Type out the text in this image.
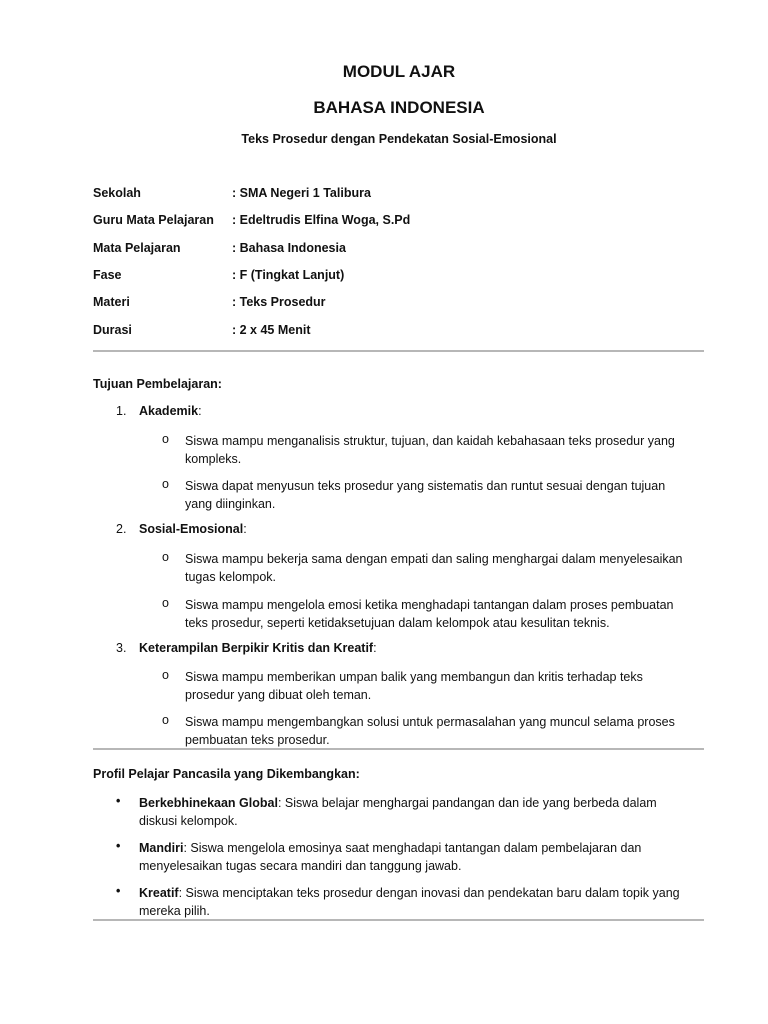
MODUL AJAR
BAHASA INDONESIA
Teks Prosedur dengan Pendekatan Sosial-Emosional
Sekolah	: SMA Negeri 1 Talibura
Guru Mata Pelajaran : Edeltrudis Elfina Woga, S.Pd
Mata Pelajaran	: Bahasa Indonesia
Fase	: F (Tingkat Lanjut)
Materi	: Teks Prosedur
Durasi	: 2 x 45 Menit
Tujuan Pembelajaran:
1. Akademik:
o Siswa mampu menganalisis struktur, tujuan, dan kaidah kebahasaan teks prosedur yang kompleks.
o Siswa dapat menyusun teks prosedur yang sistematis dan runtut sesuai dengan tujuan yang diinginkan.
2. Sosial-Emosional:
o Siswa mampu bekerja sama dengan empati dan saling menghargai dalam menyelesaikan tugas kelompok.
o Siswa mampu mengelola emosi ketika menghadapi tantangan dalam proses pembuatan teks prosedur, seperti ketidaksetujuan dalam kelompok atau kesulitan teknis.
3. Keterampilan Berpikir Kritis dan Kreatif:
o Siswa mampu memberikan umpan balik yang membangun dan kritis terhadap teks prosedur yang dibuat oleh teman.
o Siswa mampu mengembangkan solusi untuk permasalahan yang muncul selama proses pembuatan teks prosedur.
Profil Pelajar Pancasila yang Dikembangkan:
• Berkebhinekaan Global: Siswa belajar menghargai pandangan dan ide yang berbeda dalam diskusi kelompok.
• Mandiri: Siswa mengelola emosinya saat menghadapi tantangan dalam pembelajaran dan menyelesaikan tugas secara mandiri dan tanggung jawab.
• Kreatif: Siswa menciptakan teks prosedur dengan inovasi dan pendekatan baru dalam topik yang mereka pilih.
